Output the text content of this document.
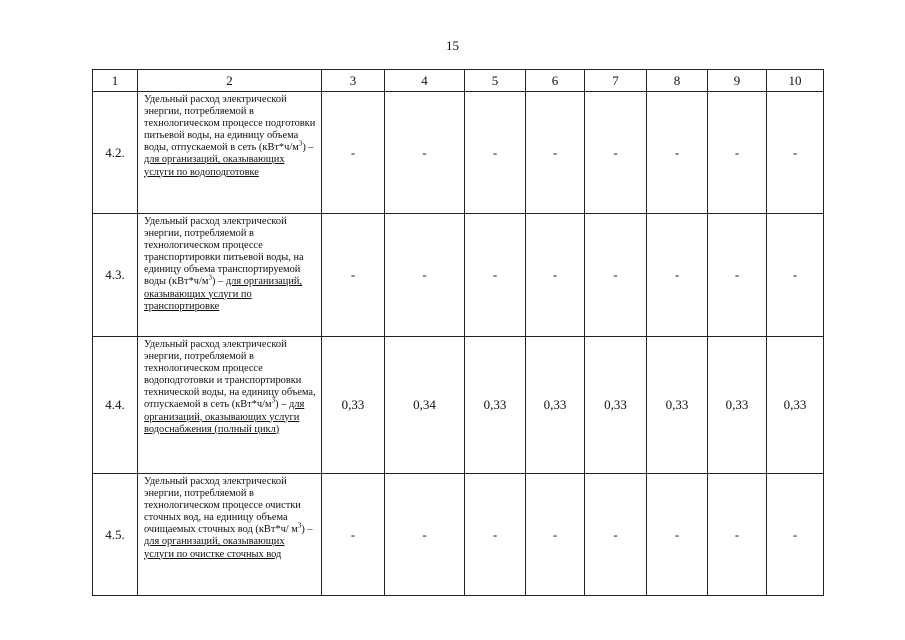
15
1	2	3	4	5	6	7	8	9	10
4.2.	Удельный расход электрической энергии, потребляемой в технологическом процессе подготовки питьевой воды, на единицу объема воды, отпускаемой в сеть $(кВт*ч/м^3)$ – для организаций, оказывающих услуги по водоподготовке	-	-	-	-	-	-	-	-
4.3.	Удельный расход электрической энергии, потребляемой в технологическом процессе транспортировки питьевой воды, на единицу объема транспортируемой воды $(кВт*ч/м^3)$ – для организаций, оказывающих услуги по транспортировке	-	-	-	-	-	-	-	-
4.4.	Удельный расход электрической энергии, потребляемой в технологическом процессе водоподготовки и транспортировки технической воды, на единицу объема, отпускаемой в сеть $(кВт*ч/м^3)$ – для организаций, оказывающих услуги водоснабжения (полный цикл)	0,33	0,34	0,33	0,33	0,33	0,33	0,33	0,33
4.5.	Удельный расход электрической энергии, потребляемой в технологическом процессе очистки сточных вод, на единицу объема очищаемых сточных вод (кВт*ч/ $м^3$) – для организаций, оказывающих услуги по очистке сточных вод	-	-	-	-	-	-	-	-
